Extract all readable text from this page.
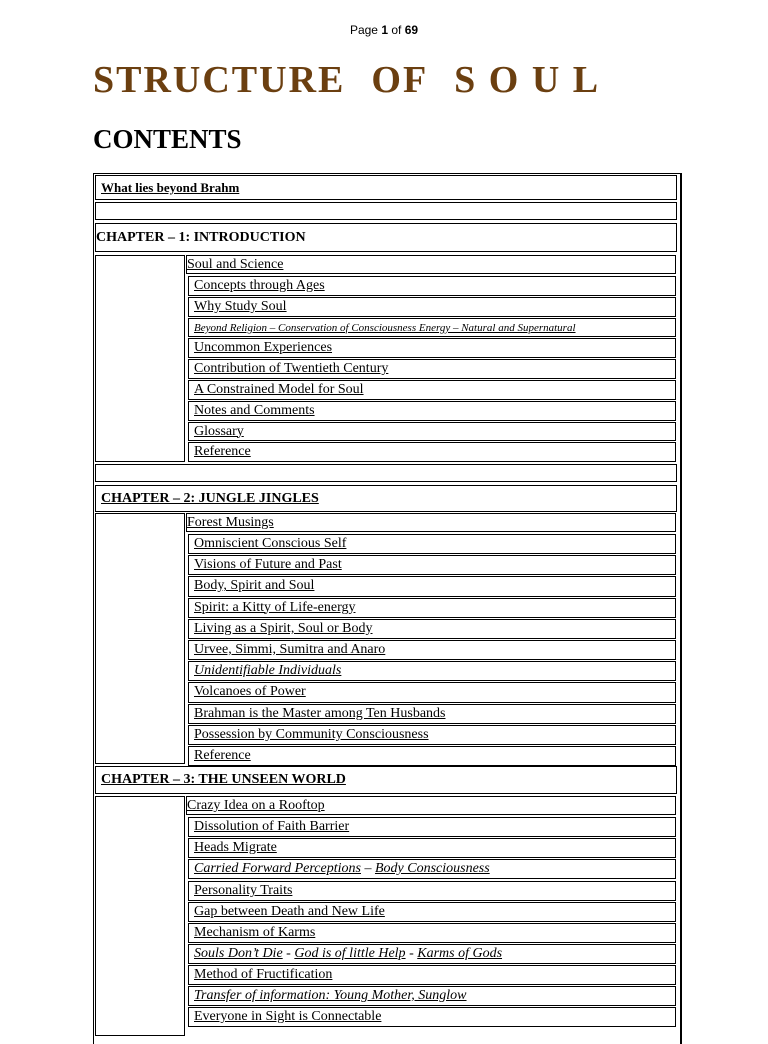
Page 1 of 69
STRUCTURE OF S O U L
CONTENTS
What lies beyond Brahm
CHAPTER – 1: INTRODUCTION
Soul and Science
Concepts through Ages
Why Study Soul
Beyond Religion – Conservation of Consciousness Energy – Natural and Supernatural
Uncommon Experiences
Contribution of Twentieth Century
A Constrained Model for Soul
Notes and Comments
Glossary
Reference
CHAPTER – 2: JUNGLE JINGLES
Forest Musings
Omniscient Conscious Self
Visions of Future and Past
Body, Spirit and Soul
Spirit: a Kitty of Life-energy
Living as a Spirit, Soul or Body
Urvee, Simmi, Sumitra and Anaro
Unidentifiable Individuals
Volcanoes of Power
Brahman is the Master among Ten Husbands
Possession by Community Consciousness
Reference
CHAPTER – 3: THE UNSEEN WORLD
Crazy Idea on a Rooftop
Dissolution of Faith Barrier
Heads Migrate
Carried Forward Perceptions – Body Consciousness
Personality Traits
Gap between Death and New Life
Mechanism of Karms
Souls Don’t Die - God is of little Help - Karms of Gods
Method of Fructification
Transfer of information: Young Mother, Sunglow
Everyone in Sight is Connectable
